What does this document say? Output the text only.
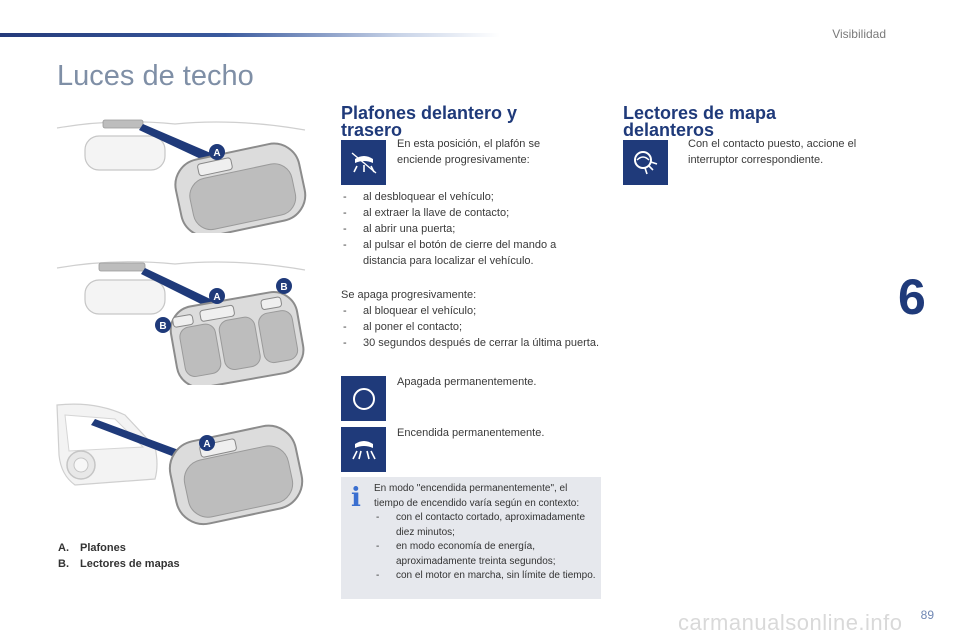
Visibilidad
Luces de techo
6
89
carmanualsonline.info
A
A
B
B
A
A. Plafones
B. Lectores de mapas
Plafones delantero y trasero
En esta posición, el plafón se enciende progresivamente:
- al desbloquear el vehículo;
- al extraer la llave de contacto;
- al abrir una puerta;
- al pulsar el botón de cierre del mando a distancia para localizar el vehículo.
Se apaga progresivamente:
- al bloquear el vehículo;
- al poner el contacto;
- 30 segundos después de cerrar la última puerta.
Apagada permanentemente.
Encendida permanentemente.
i En modo "encendida permanentemente", el tiempo de encendido varía según en contexto:
- con el contacto cortado, aproximadamente diez minutos;
- en modo economía de energía, aproximadamente treinta segundos;
- con el motor en marcha, sin límite de tiempo.
Lectores de mapa delanteros
Con el contacto puesto, accione el interruptor correspondiente.
